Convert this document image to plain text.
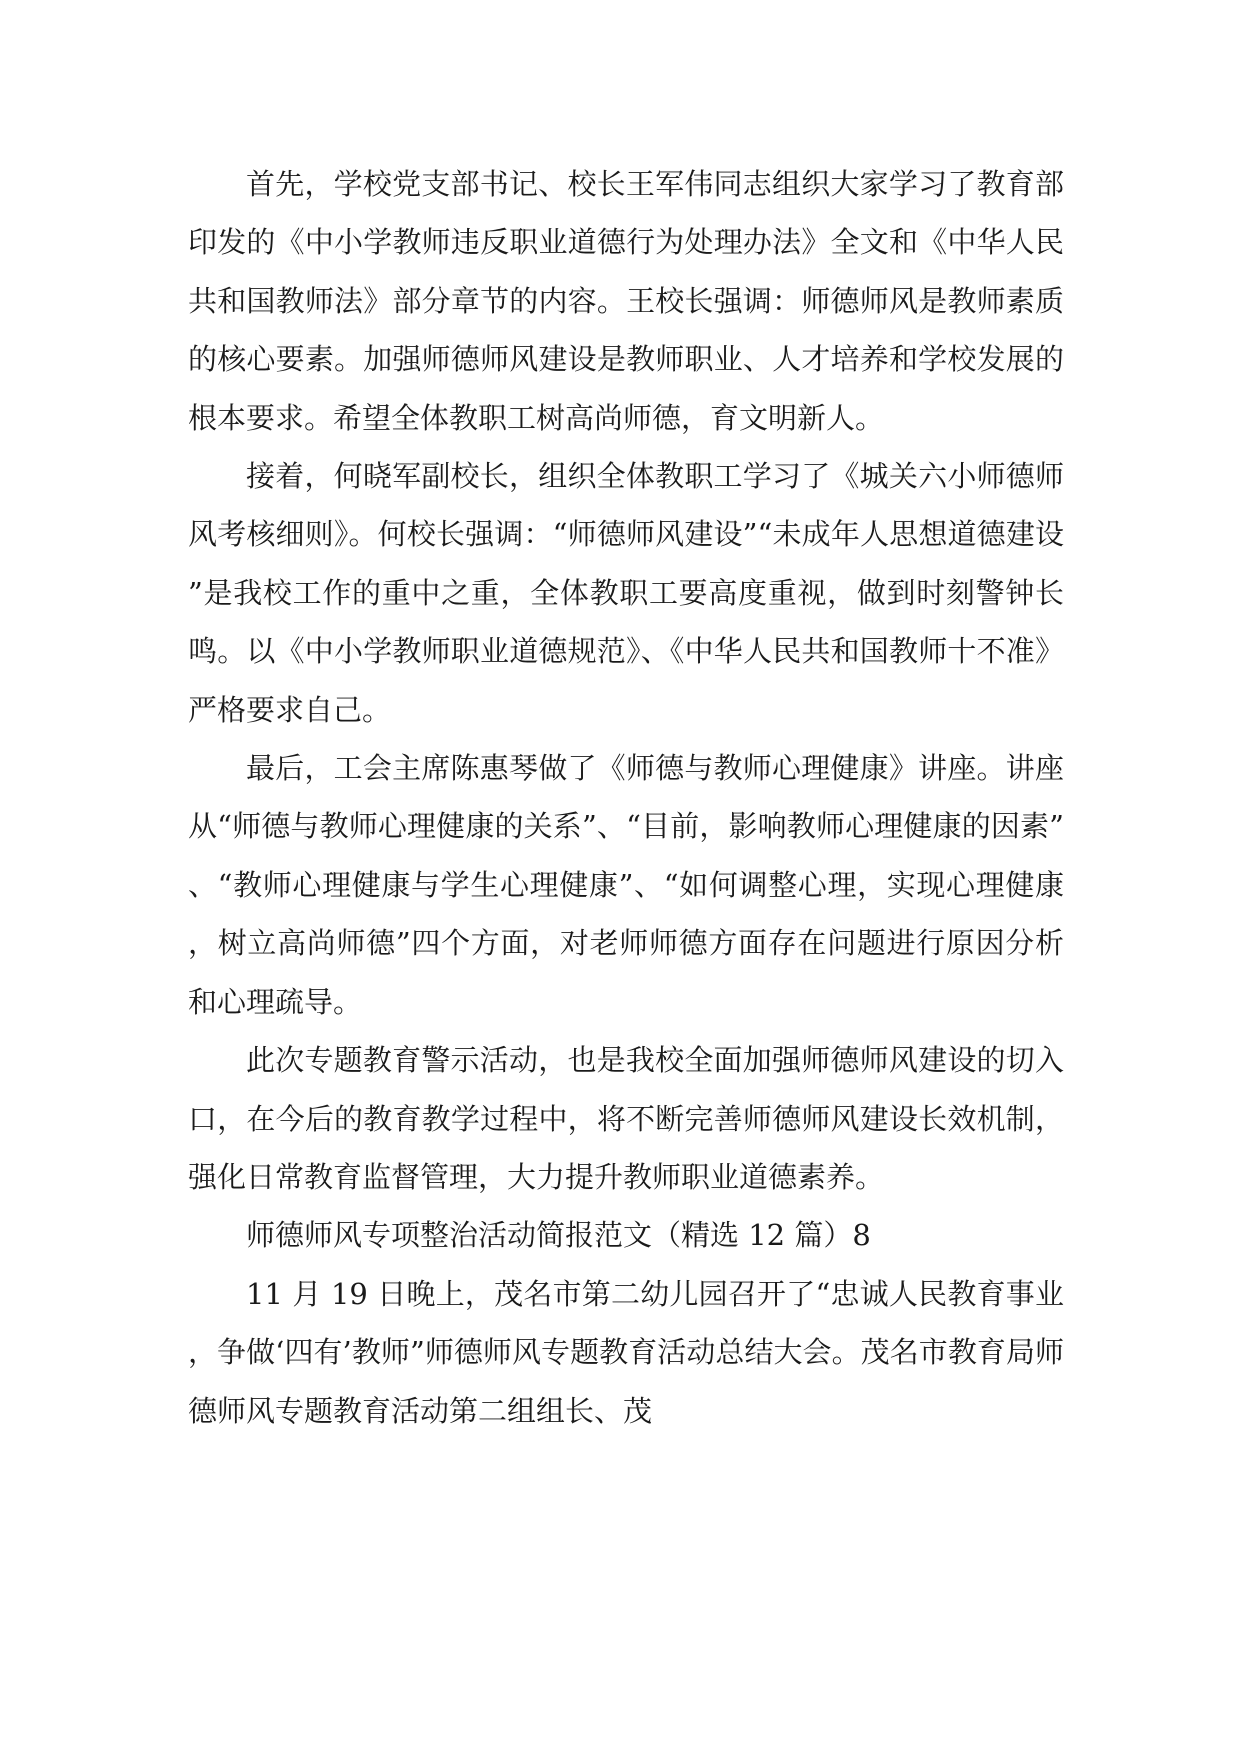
首先，学校党支部书记、校长王军伟同志组织大家学习了教育部印发的《中小学教师违反职业道德行为处理办法》全文和《中华人民共和国教师法》部分章节的内容。王校长强调：师德师风是教师素质的核心要素。加强师德师风建设是教师职业、人才培养和学校发展的根本要求。希望全体教职工树高尚师德，育文明新人。

接着，何晓军副校长，组织全体教职工学习了《城关六小师德师风考核细则》。何校长强调：“师德师风建设”“未成年人思想道德建设”是我校工作的重中之重，全体教职工要高度重视，做到时刻警钟长鸣。以《中小学教师职业道德规范》、《中华人民共和国教师十不准》严格要求自己。

最后，工会主席陈惠琴做了《师德与教师心理健康》讲座。讲座从“师德与教师心理健康的关系”、“目前，影响教师心理健康的因素”、“教师心理健康与学生心理健康”、“如何调整心理，实现心理健康，树立高尚师德”四个方面，对老师师德方面存在问题进行原因分析和心理疏导。

此次专题教育警示活动，也是我校全面加强师德师风建设的切入口，在今后的教育教学过程中，将不断完善师德师风建设长效机制，强化日常教育监督管理，大力提升教师职业道德素养。

师德师风专项整治活动简报范文（精选 12 篇）8

11 月 19 日晚上，茂名市第二幼儿园召开了“忠诚人民教育事业，争做‘四有’教师”师德师风专题教育活动总结大会。茂名市教育局师德师风专题教育活动第二组组长、茂
